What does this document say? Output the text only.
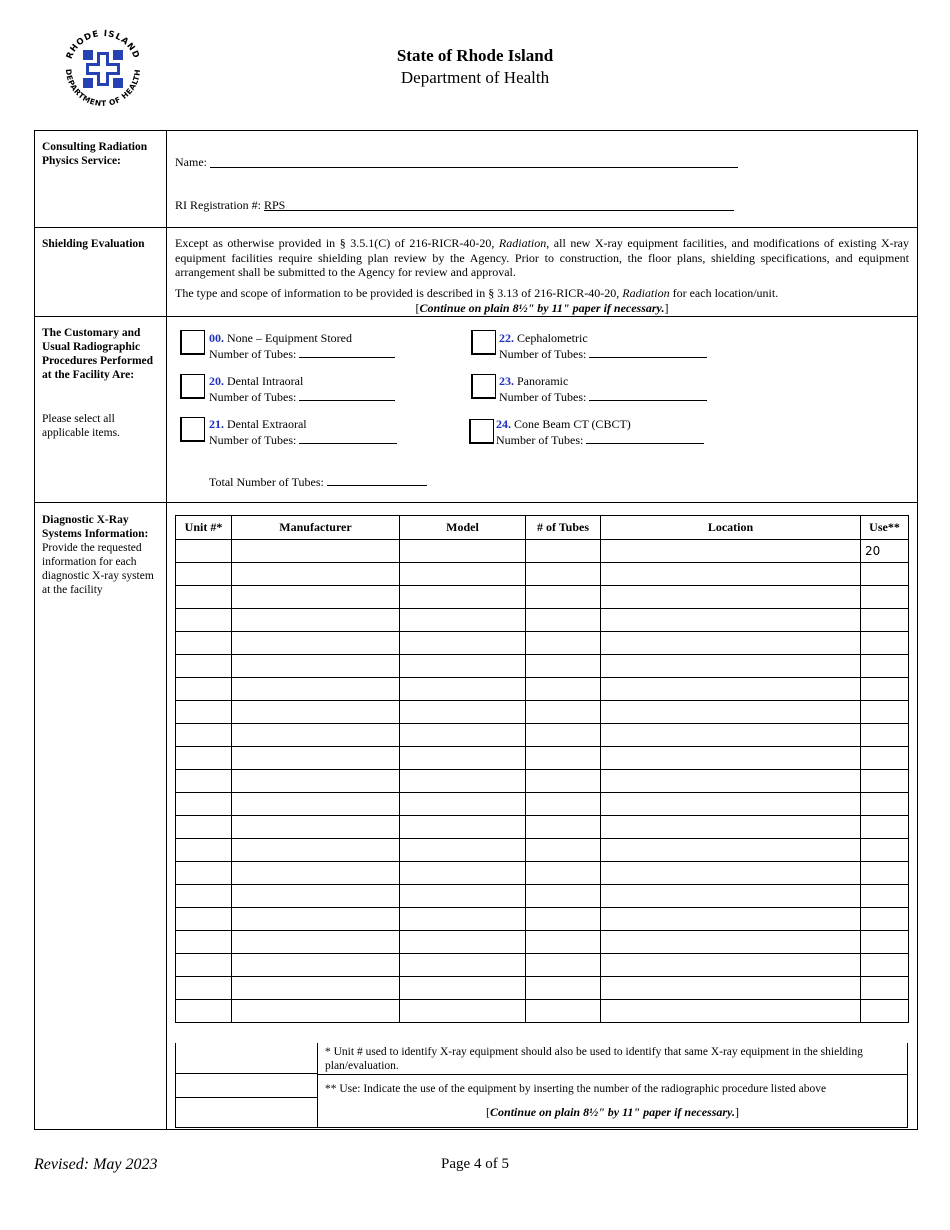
RHODE ISLAND
DEPARTMENT OF HEALTH
State of Rhode Island
Department of Health
Consulting Radiation Physics Service:	Name:
RI Registration #: RPS
Shielding Evaluation	Except as otherwise provided in § 3.5.1(C) of 216-RICR-40-20, Radiation, all new X-ray equipment facilities, and modifications of existing X-ray equipment facilities require shielding plan review by the Agency. Prior to construction, the floor plans, shielding specifications, and equipment arrangement shall be submitted to the Agency for review and approval.
The type and scope of information to be provided is described in § 3.13 of 216-RICR-40-20, Radiation for each location/unit.
[Continue on plain 8½" by 11" paper if necessary.]
The Customary and Usual Radiographic Procedures Performed at the Facility Are:
Please select all applicable items.
00. None – Equipment Stored
Number of Tubes:
20. Dental Intraoral
Number of Tubes:
21. Dental Extraoral
Number of Tubes:
22. Cephalometric
Number of Tubes:
23. Panoramic
Number of Tubes:
24. Cone Beam CT (CBCT)
Number of Tubes:
Total Number of Tubes:
Diagnostic X-Ray Systems Information:
Provide the requested information for each diagnostic X-ray system at the facility
Unit #*	Manufacturer	Model	# of Tubes	Location	Use**
					20

* Unit # used to identify X-ray equipment should also be used to identify that same X-ray equipment in the shielding plan/evaluation.
** Use: Indicate the use of the equipment by inserting the number of the radiographic procedure listed above
[Continue on plain 8½" by 11" paper if necessary.]
Revised: May 2023	Page 4 of 5
